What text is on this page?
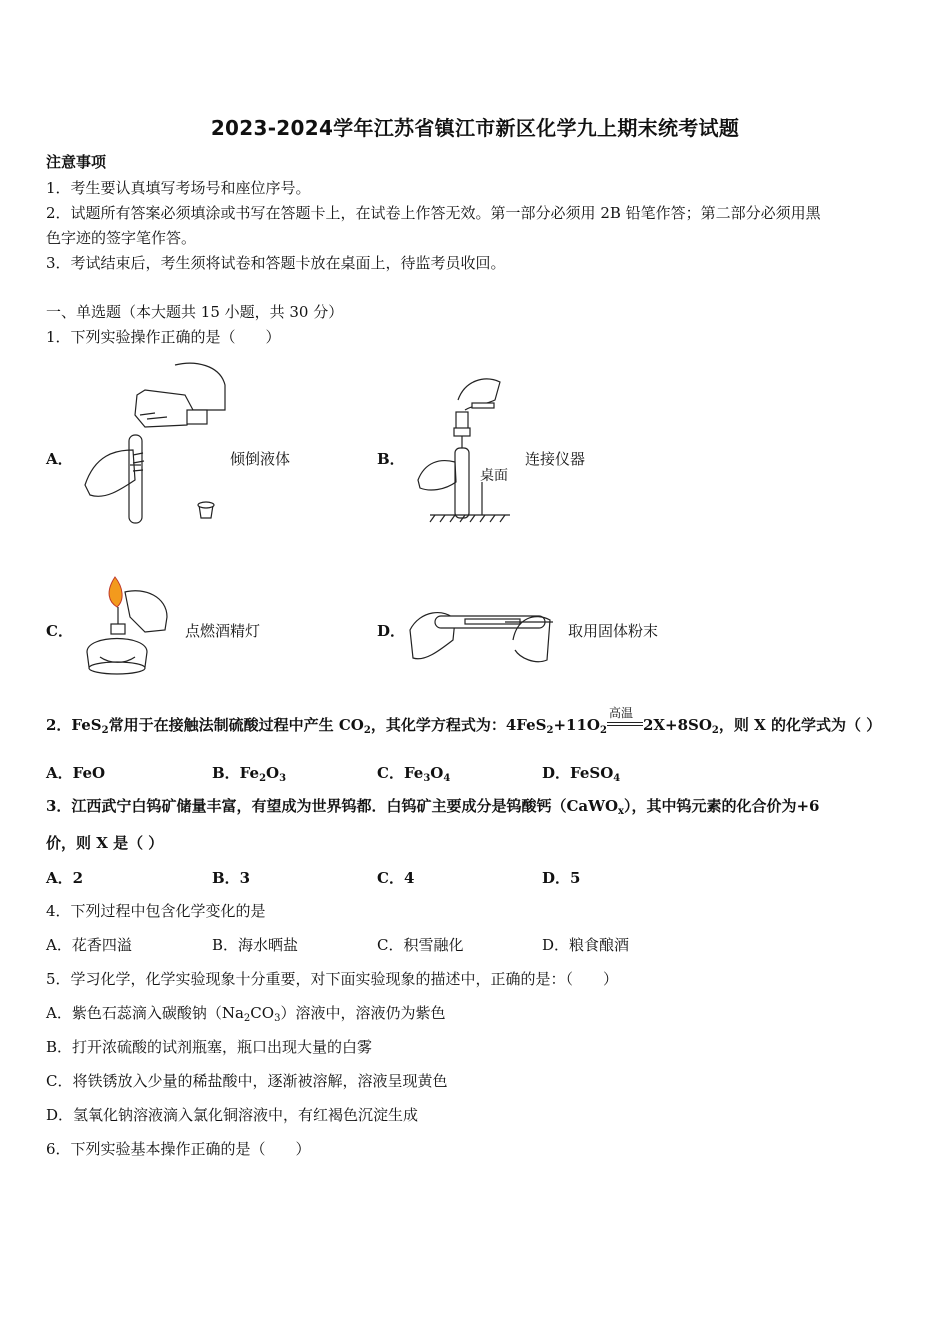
2023-2024学年江苏省镇江市新区化学九上期末统考试题
注意事项
1．考生要认真填写考场号和座位序号。
2．试题所有答案必须填涂或书写在答题卡上，在试卷上作答无效。第一部分必须用 2B 铅笔作答；第二部分必须用黑
色字迹的签字笔作答。
3．考试结束后，考生须将试卷和答题卡放在桌面上，待监考员收回。
一、单选题（本大题共 15 小题，共 30 分）
1．下列实验操作正确的是（　　）
A．	倾倒液体	B．
桌面
连接仪器
C．	点燃酒精灯	D．	取用固体粉末
2．FeS$_2$常用于在接触法制硫酸过程中产生 $CO_2$，其化学方程式为：$4FeS_2+11O_2$
高温
$2X+8SO_2$，则 X 的化学式为（ ）
A．FeO	B．$Fe_2O_3$	C．$Fe_3O_4$	D．FeSO$_4$
3．江西武宁白钨矿储量丰富，有望成为世界钨都．白钨矿主要成分是钨酸钙（CaWO$_x$），其中钨元素的化合价为+6
价，则 X 是（ ）
A．2	B．3	C．4	D．5
4．下列过程中包含化学变化的是
A．花香四溢	B．海水晒盐	C．积雪融化	D．粮食酿酒
5．学习化学，化学实验现象十分重要，对下面实验现象的描述中，正确的是：（　　）
A．紫色石蕊滴入碳酸钠$(Na_2CO_3)$溶液中，溶液仍为紫色
B．打开浓硫酸的试剂瓶塞，瓶口出现大量的白雾
C．将铁锈放入少量的稀盐酸中，逐渐被溶解，溶液呈现黄色
D．氢氧化钠溶液滴入氯化铜溶液中，有红褐色沉淀生成
6．下列实验基本操作正确的是（　　）
